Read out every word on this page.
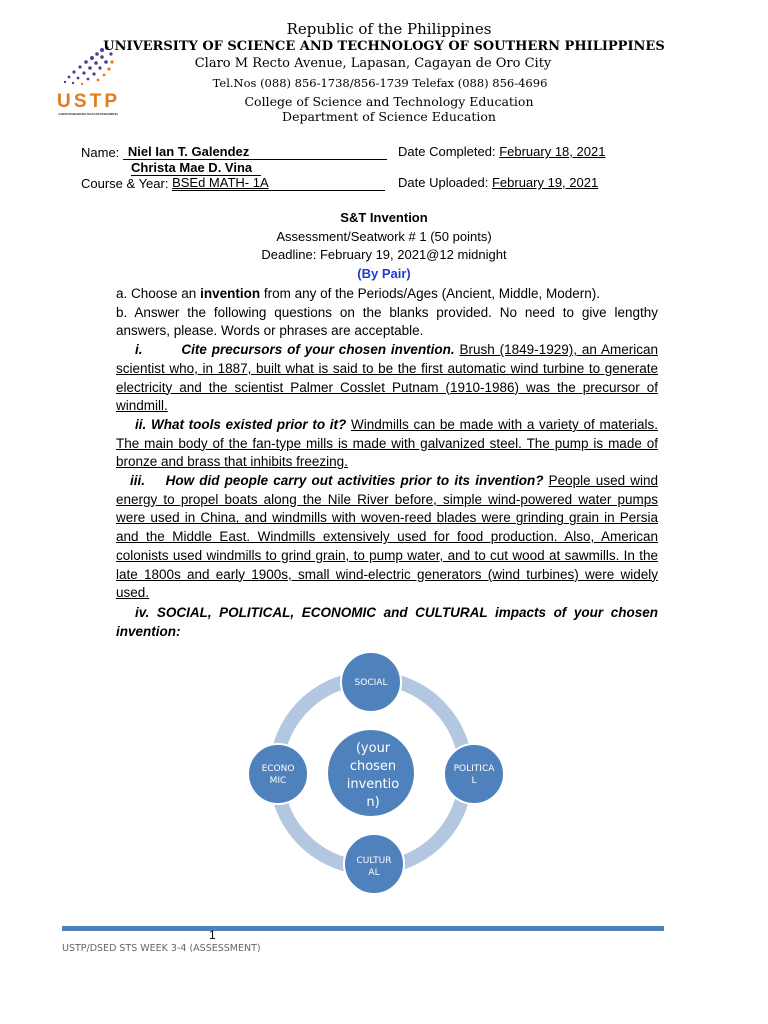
USTP
UNIVERSITY OF SCIENCE AND TECHNOLOGY OF SOUTHERN PHILIPPINES
Republic of the Philippines
UNIVERSITY OF SCIENCE AND TECHNOLOGY OF SOUTHERN PHILIPPINES
Claro M Recto Avenue, Lapasan, Cagayan de Oro City
Tel.Nos (088) 856-1738/856-1739 Telefax (088) 856-4696
College of Science and Technology Education
Department of Science Education
Name: Niel Ian T. Galendez
Christa Mae D. Vina
Course & Year: BSEd MATH- 1A
Date Completed: February 18, 2021
Date Uploaded: February 19, 2021
S&T Invention
Assessment/Seatwork # 1 (50 points)
Deadline: February 19, 2021@12 midnight
(By Pair)

a. Choose an invention from any of the Periods/Ages (Ancient, Middle, Modern).

b. Answer the following questions on the blanks provided. No need to give lengthy answers, please. Words or phrases are acceptable.

i.	Cite precursors of your chosen invention. Brush (1849-1929), an American scientist who, in 1887, built what is said to be the first automatic wind turbine to generate electricity and the scientist Palmer Cosslet Putnam (1910-1986) was the precursor of windmill.

ii. What tools existed prior to it? Windmills can be made with a variety of materials. The main body of the fan-type mills is made with galvanized steel. The pump is made of bronze and brass that inhibits freezing.

iii. How did people carry out activities prior to its invention? People used wind energy to propel boats along the Nile River before, simple wind-powered water pumps were used in China, and windmills with woven-reed blades were grinding grain in Persia and the Middle East. Windmills extensively used for food production. Also, American colonists used windmills to grind grain, to pump water, and to cut wood at sawmills. In the late 1800s and early 1900s, small wind-electric generators (wind turbines) were widely used.

iv. SOCIAL, POLITICAL, ECONOMIC and CULTURAL impacts of your chosen invention:

(your
chosen
inventio
n)
SOCIAL
POLITICA
L
CULTUR
AL
ECONO
MIC
1
USTP/DSED STS WEEK 3-4 (ASSESSMENT)
